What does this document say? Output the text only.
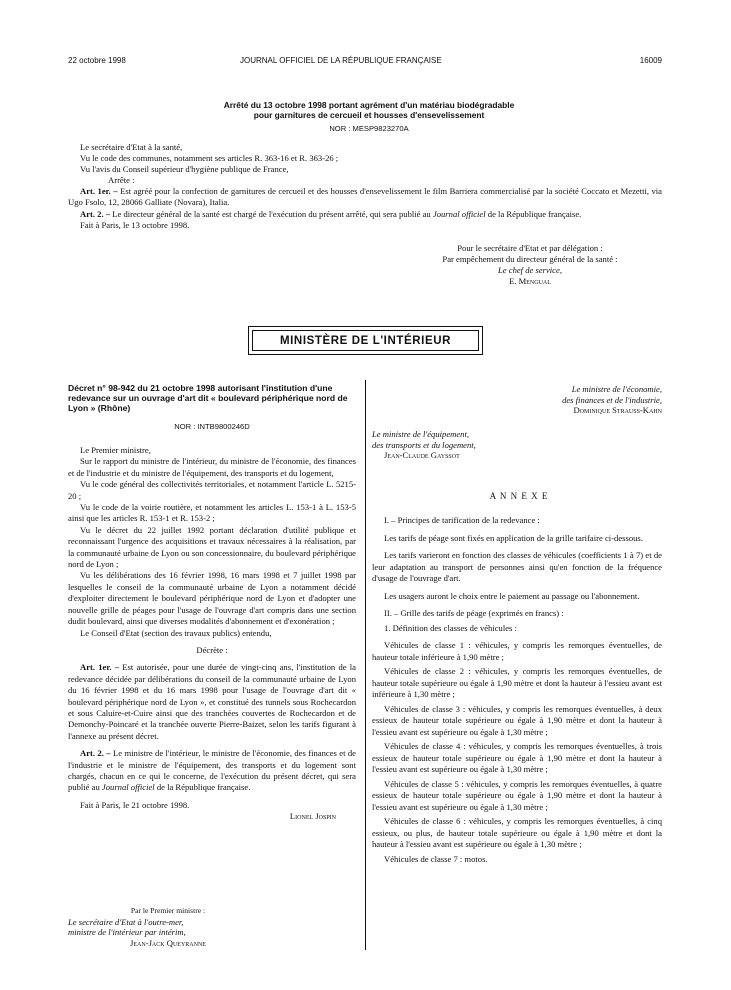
22 octobre 1998	JOURNAL OFFICIEL DE LA RÉPUBLIQUE FRANÇAISE	16009
Arrêté du 13 octobre 1998 portant agrément d'un matériau biodégradable
pour garnitures de cercueil et housses d'ensevelissement
NOR : MESP9823270A

Le secrétaire d'Etat à la santé,

Vu le code des communes, notamment ses articles R. 363-16 et R. 363-26 ;

Vu l'avis du Conseil supérieur d'hygiène publique de France,

Arrête :

Art. 1er. – Est agréé pour la confection de garnitures de cercueil et des housses d'ensevelissement le film Barriera commercialisé par la société Coccato et Mezetti, via Ugo Fsolo, 12, 28066 Galliate (Novara), Italia.

Art. 2. – Le directeur général de la santé est chargé de l'exécution du présent arrêté, qui sera publié au Journal officiel de la République française.

Fait à Paris, le 13 octobre 1998.

Pour le secrétaire d'Etat et par délégation :
Par empêchement du directeur général de la santé :
Le chef de service,
E. Mengual
MINISTÈRE DE L'INTÉRIEUR
Décret n° 98-942 du 21 octobre 1998 autorisant l'institution d'une redevance sur un ouvrage d'art dit « boulevard périphérique nord de Lyon » (Rhône)
NOR : INTB9800246D

Le Premier ministre,

Sur le rapport du ministre de l'intérieur, du ministre de l'économie, des finances et de l'industrie et du ministre de l'équipement, des transports et du logement,

Vu le code général des collectivités territoriales, et notamment l'article L. 5215-20 ;

Vu le code de la voirie routière, et notamment les articles L. 153-1 à L. 153-5 ainsi que les articles R. 153-1 et R. 153-2 ;

Vu le décret du 22 juillet 1992 portant déclaration d'utilité publique et reconnaissant l'urgence des acquisitions et travaux nécessaires à la réalisation, par la communauté urbaine de Lyon ou son concessionnaire, du boulevard périphérique nord de Lyon ;

Vu les délibérations des 16 février 1998, 16 mars 1998 et 7 juillet 1998 par lesquelles le conseil de la communauté urbaine de Lyon a notamment décidé d'exploiter directement le boulevard périphérique nord de Lyon et d'adopter une nouvelle grille de péages pour l'usage de l'ouvrage d'art compris dans une section dudit boulevard, ainsi que diverses modalités d'abonnement et d'exonération ;

Le Conseil d'Etat (section des travaux publics) entendu,

Décrète :

Art. 1er. – Est autorisée, pour une durée de vingt-cinq ans, l'institution de la redevance décidée par délibérations du conseil de la communauté urbaine de Lyon du 16 février 1998 et du 16 mars 1998 pour l'usage de l'ouvrage d'art dit « boulevard périphérique nord de Lyon », et constitué des tunnels sous Rochecardon et sous Caluire-et-Cuire ainsi que des tranchées couvertes de Rochecardon et de Demonchy-Poincaré et la tranchée ouverte Pierre-Baizet, selon les tarifs figurant à l'annexe au présent décret.

Art. 2. – Le ministre de l'intérieur, le ministre de l'économie, des finances et de l'industrie et le ministre de l'équipement, des transports et du logement sont chargés, chacun en ce qui le concerne, de l'exécution du présent décret, qui sera publié au Journal officiel de la République française.

Fait à Paris, le 21 octobre 1998.

Lionel Jospin

Par le Premier ministre :
Le secrétaire d'Etat à l'outre-mer,
ministre de l'intérieur par intérim,
Jean-Jack Queyranne
Le ministre de l'économie,
des finances et de l'industrie,
Dominique Strauss-Kahn
Le ministre de l'équipement,
des transports et du logement,
Jean-Claude Gayssot
A N N E X E

I. – Principes de tarification de la redevance :

Les tarifs de péage sont fixés en application de la grille tarifaire ci-dessous.

Les tarifs varieront en fonction des classes de véhicules (coefficients 1 à 7) et de leur adaptation au transport de personnes ainsi qu'en fonction de la fréquence d'usage de l'ouvrage d'art.

Les usagers auront le choix entre le paiement au passage ou l'abonnement.

II. – Grille des tarifs de péage (exprimés en francs) :

1. Définition des classes de véhicules :

Véhicules de classe 1 : véhicules, y compris les remorques éventuelles, de hauteur totale inférieure à 1,90 mètre ;

Véhicules de classe 2 : véhicules, y compris les remorques éventuelles, de hauteur totale supérieure ou égale à 1,90 mètre et dont la hauteur à l'essieu avant est inférieure à 1,30 mètre ;

Véhicules de classe 3 : véhicules, y compris les remorques éventuelles, à deux essieux de hauteur totale supérieure ou égale à 1,90 mètre et dont la hauteur à l'essieu avant est supérieure ou égale à 1,30 mètre ;

Véhicules de classe 4 : véhicules, y compris les remorques éventuelles, à trois essieux de hauteur totale supérieure ou égale à 1,90 mètre et dont la hauteur à l'essieu avant est supérieure ou égale à 1,30 mètre ;

Véhicules de classe 5 : véhicules, y compris les remorques éventuelles, à quatre essieux de hauteur totale supérieure ou égale à 1,90 mètre et dont la hauteur à l'essieu avant est supérieure ou égale à 1,30 mètre ;

Véhicules de classe 6 : véhicules, y compris les remorques éventuelles, à cinq essieux, ou plus, de hauteur totale supérieure ou égale à 1,90 mètre et dont la hauteur à l'essieu avant est supérieure ou égale à 1,30 mètre ;

Véhicules de classe 7 : motos.
